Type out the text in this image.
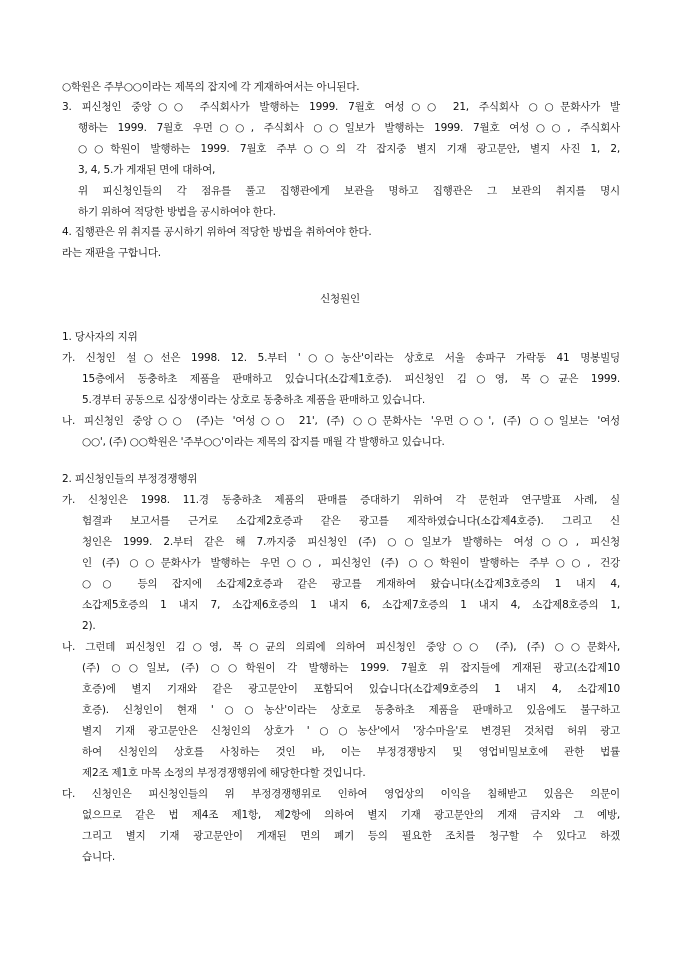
○학원은 주부○○이라는 제목의 잡지에 각 게재하여서는 아니된다.
3. 피신청인 중앙○○ 주식회사가 발행하는 1999. 7월호 여성○○ 21, 주식회사 ○○문화사가 발
행하는 1999. 7월호 우먼○○, 주식회사 ○○일보가 발행하는 1999. 7월호 여성○○, 주식회사
○○학원이 발행하는 1999. 7월호 주부○○의 각 잡지중 별지 기재 광고문안, 별지 사진 1, 2,
3, 4, 5.가 게재된 면에 대하여,
위 피신청인들의 각 점유를 풀고 집행관에게 보관을 명하고 집행관은 그 보관의 취지를 명시
하기 위하여 적당한 방법을 공시하여야 한다.
4. 집행관은 위 취지를 공시하기 위하여 적당한 방법을 취하여야 한다.
라는 재판을 구합니다.
신청원인
1. 당사자의 지위
가. 신청인 설○선은 1998. 12. 5.부터 '○○농산'이라는 상호로 서울 송파구 가락동 41 명봉빌딩
15층에서 동충하초 제품을 판매하고 있습니다(소갑제1호증). 피신청인 김○영, 목○균은 1999.
5.경부터 공동으로 십장생이라는 상호로 동충하초 제품을 판매하고 있습니다.
나. 피신청인 중앙○○ (주)는 '여성○○ 21', (주) ○○문화사는 '우먼○○', (주) ○○일보는 '여성
○○', (주) ○○학원은 '주부○○'이라는 제목의 잡지를 매월 각 발행하고 있습니다.
2. 피신청인들의 부정경쟁행위
가. 신청인은 1998. 11.경 동충하초 제품의 판매를 증대하기 위하여 각 문헌과 연구발표 사례, 실
험결과 보고서를 근거로 소갑제2호증과 같은 광고를 제작하였습니다(소갑제4호증). 그리고 신
청인은 1999. 2.부터 같은 해 7.까지중 피신청인 (주) ○○일보가 발행하는 여성○○, 피신청
인 (주) ○○문화사가 발행하는 우먼○○, 피신청인 (주) ○○학원이 발행하는 주부○○, 건강
○○ 등의 잡지에 소갑제2호증과 같은 광고를 게재하여 왔습니다(소갑제3호증의 1 내지 4,
소갑제5호증의 1 내지 7, 소갑제6호증의 1 내지 6, 소갑제7호증의 1 내지 4, 소갑제8호증의 1,
2).
나. 그런데 피신청인 김○영, 목○균의 의뢰에 의하여 피신청인 중앙○○ (주), (주) ○○문화사,
(주) ○○일보, (주) ○○학원이 각 발행하는 1999. 7월호 위 잡지들에 게재된 광고(소갑제10
호증)에 별지 기재와 같은 광고문안이 포함되어 있습니다(소갑제9호증의 1 내지 4, 소갑제10
호증). 신청인이 현재 '○○농산'이라는 상호로 동충하초 제품을 판매하고 있음에도 불구하고
별지 기재 광고문안은 신청인의 상호가 '○○농산'에서 '장수마을'로 변경된 것처럼 허위 광고
하여 신청인의 상호를 사칭하는 것인 바, 이는 부정경쟁방지 및 영업비밀보호에 관한 법률
제2조 제1호 마목 소정의 부정경쟁행위에 해당한다할 것입니다.
다. 신청인은 피신청인들의 위 부정경쟁행위로 인하여 영업상의 이익을 침해받고 있음은 의문이
없으므로 같은 법 제4조 제1항, 제2항에 의하여 별지 기재 광고문안의 게재 금지와 그 예방,
그리고 별지 기재 광고문안이 게재된 면의 폐기 등의 필요한 조치를 청구할 수 있다고 하겠
습니다.
